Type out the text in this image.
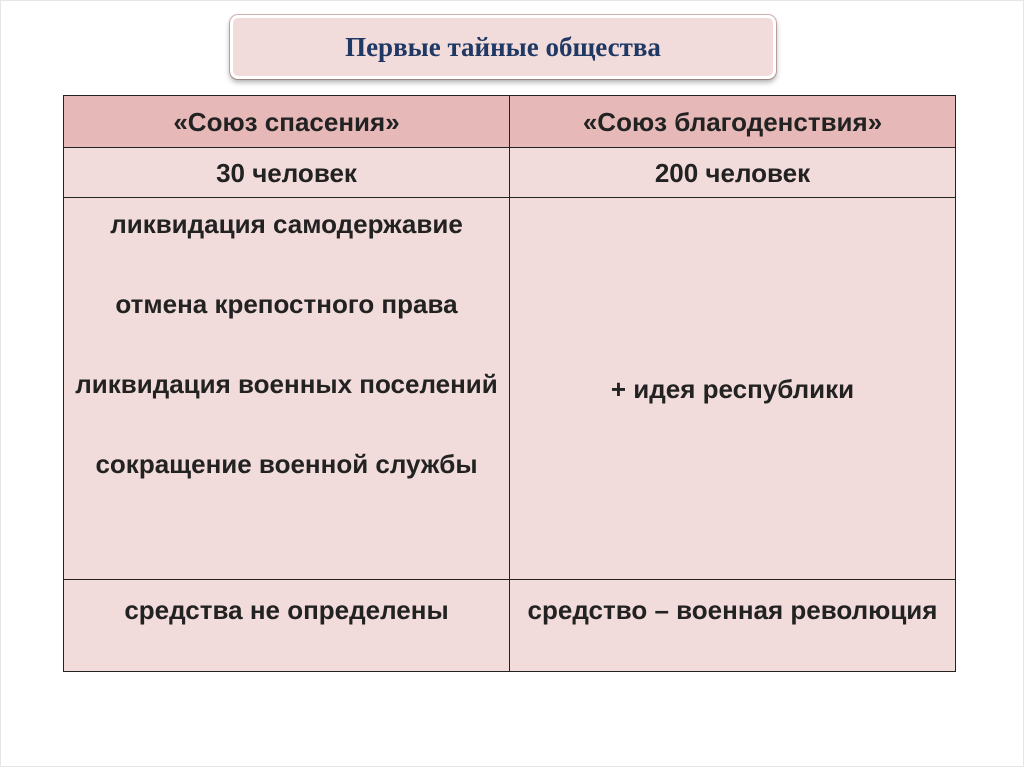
Первые тайные общества
«Союз спасения»	«Союз благоденствия»
30 человек	200 человек

ликвидация самодержавие
отмена крепостного права
ликвидация военных поселений
сокращение военной службы	+ идея республики
средства не определены	средство – военная революция
